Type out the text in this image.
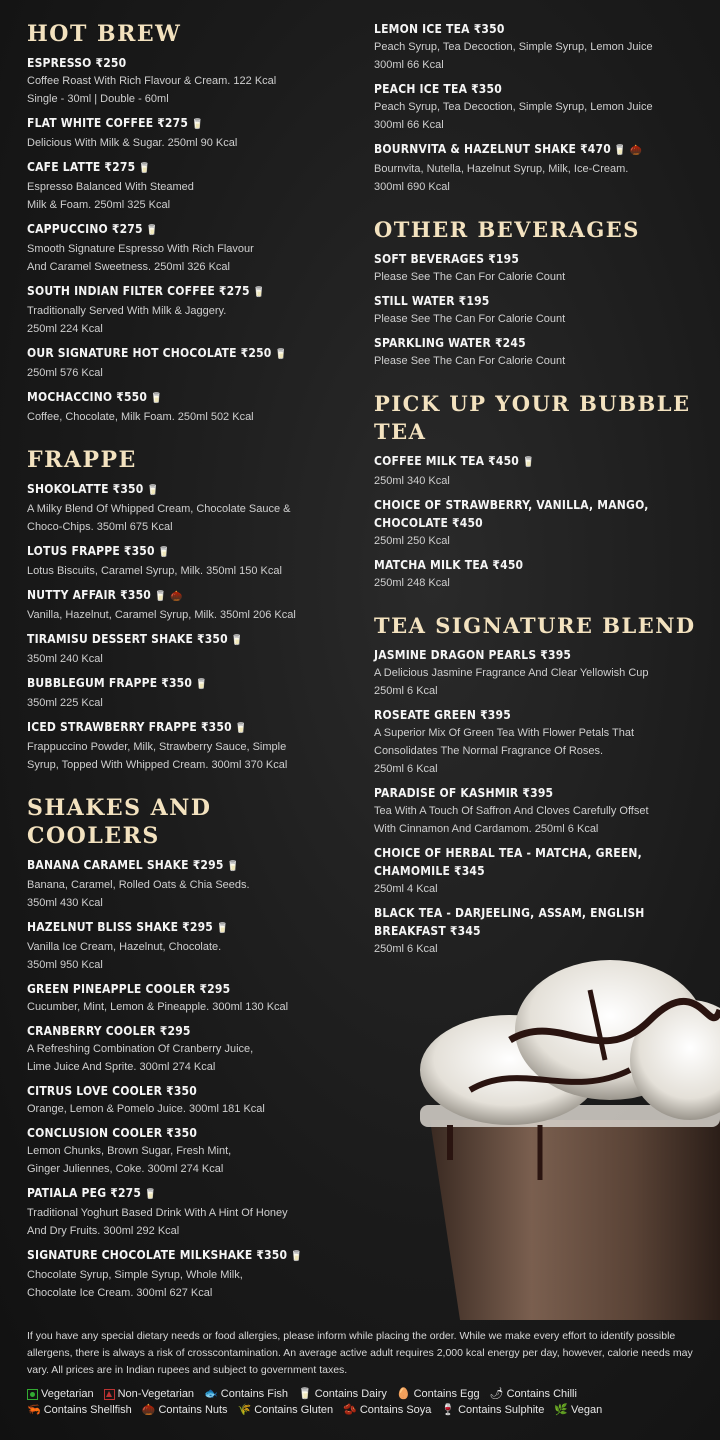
HOT BREW
ESPRESSO ₹250
Coffee Roast With Rich Flavour & Cream. 122 Kcal
Single - 30ml | Double - 60ml
FLAT WHITE COFFEE ₹275 🥛
Delicious With Milk & Sugar. 250ml 90 Kcal
CAFE LATTE ₹275 🥛
Espresso Balanced With Steamed
Milk & Foam. 250ml 325 Kcal
CAPPUCCINO ₹275 🥛
Smooth Signature Espresso With Rich Flavour
And Caramel Sweetness. 250ml 326 Kcal
SOUTH INDIAN FILTER COFFEE ₹275 🥛
Traditionally Served With Milk & Jaggery.
250ml 224 Kcal
OUR SIGNATURE HOT CHOCOLATE ₹250 🥛
250ml 576 Kcal
MOCHACCINO ₹550 🥛
Coffee, Chocolate, Milk Foam. 250ml 502 Kcal
FRAPPE
SHOKOLATTE ₹350 🥛
A Milky Blend Of Whipped Cream, Chocolate Sauce &
Choco-Chips. 350ml 675 Kcal
LOTUS FRAPPE ₹350 🥛
Lotus Biscuits, Caramel Syrup, Milk. 350ml 150 Kcal
NUTTY AFFAIR ₹350 🥛 🌰
Vanilla, Hazelnut, Caramel Syrup, Milk. 350ml 206 Kcal
TIRAMISU DESSERT SHAKE ₹350 🥛
350ml 240 Kcal
BUBBLEGUM FRAPPE ₹350 🥛
350ml 225 Kcal
ICED STRAWBERRY FRAPPE ₹350 🥛
Frappuccino Powder, Milk, Strawberry Sauce, Simple
Syrup, Topped With Whipped Cream. 300ml 370 Kcal
SHAKES AND COOLERS
BANANA CARAMEL SHAKE ₹295 🥛
Banana, Caramel, Rolled Oats & Chia Seeds.
350ml 430 Kcal
HAZELNUT BLISS SHAKE ₹295 🥛
Vanilla Ice Cream, Hazelnut, Chocolate.
350ml 950 Kcal
GREEN PINEAPPLE COOLER ₹295
Cucumber, Mint, Lemon & Pineapple. 300ml 130 Kcal
CRANBERRY COOLER ₹295
A Refreshing Combination Of Cranberry Juice,
Lime Juice And Sprite. 300ml 274 Kcal
CITRUS LOVE COOLER ₹350
Orange, Lemon & Pomelo Juice. 300ml 181 Kcal
CONCLUSION COOLER ₹350
Lemon Chunks, Brown Sugar, Fresh Mint,
Ginger Juliennes, Coke. 300ml 274 Kcal
PATIALA PEG ₹275 🥛
Traditional Yoghurt Based Drink With A Hint Of Honey
And Dry Fruits. 300ml 292 Kcal
SIGNATURE CHOCOLATE MILKSHAKE ₹350 🥛
Chocolate Syrup, Simple Syrup, Whole Milk,
Chocolate Ice Cream. 300ml 627 Kcal
LEMON ICE TEA ₹350
Peach Syrup, Tea Decoction, Simple Syrup, Lemon Juice
300ml 66 Kcal
PEACH ICE TEA ₹350
Peach Syrup, Tea Decoction, Simple Syrup, Lemon Juice
300ml 66 Kcal
BOURNVITA & HAZELNUT SHAKE ₹470 🥛 🌰
Bournvita, Nutella, Hazelnut Syrup, Milk, Ice-Cream.
300ml 690 Kcal
OTHER BEVERAGES
SOFT BEVERAGES ₹195
Please See The Can For Calorie Count
STILL WATER ₹195
Please See The Can For Calorie Count
SPARKLING WATER ₹245
Please See The Can For Calorie Count
PICK UP YOUR BUBBLE TEA
COFFEE MILK TEA ₹450 🥛
250ml 340 Kcal
CHOICE OF STRAWBERRY, VANILLA, MANGO, CHOCOLATE ₹450
250ml 250 Kcal
MATCHA MILK TEA ₹450
250ml 248 Kcal
TEA SIGNATURE BLEND
JASMINE DRAGON PEARLS ₹395
A Delicious Jasmine Fragrance And Clear Yellowish Cup
250ml 6 Kcal
ROSEATE GREEN ₹395
A Superior Mix Of Green Tea With Flower Petals That
Consolidates The Normal Fragrance Of Roses.
250ml 6 Kcal
PARADISE OF KASHMIR ₹395
Tea With A Touch Of Saffron And Cloves Carefully Offset
With Cinnamon And Cardamom. 250ml 6 Kcal
CHOICE OF HERBAL TEA - MATCHA, GREEN, CHAMOMILE ₹345
250ml 4 Kcal
BLACK TEA - DARJEELING, ASSAM, ENGLISH BREAKFAST ₹345
250ml 6 Kcal
If you have any special dietary needs or food allergies, please inform while placing the order. While we make every effort to identify possible allergens, there is always a risk of crosscontamination. An average active adult requires 2,000 kcal energy per day, however, calorie needs may vary. All prices are in Indian rupees and subject to government taxes.
Vegetarian Non-Vegetarian 🐟 Contains Fish 🥛 Contains Dairy 🥚 Contains Egg 🌶 Contains Chilli
🦐 Contains Shellfish 🌰 Contains Nuts 🌾 Contains Gluten 🫘 Contains Soya 🍷 Contains Sulphite 🌿 Vegan
